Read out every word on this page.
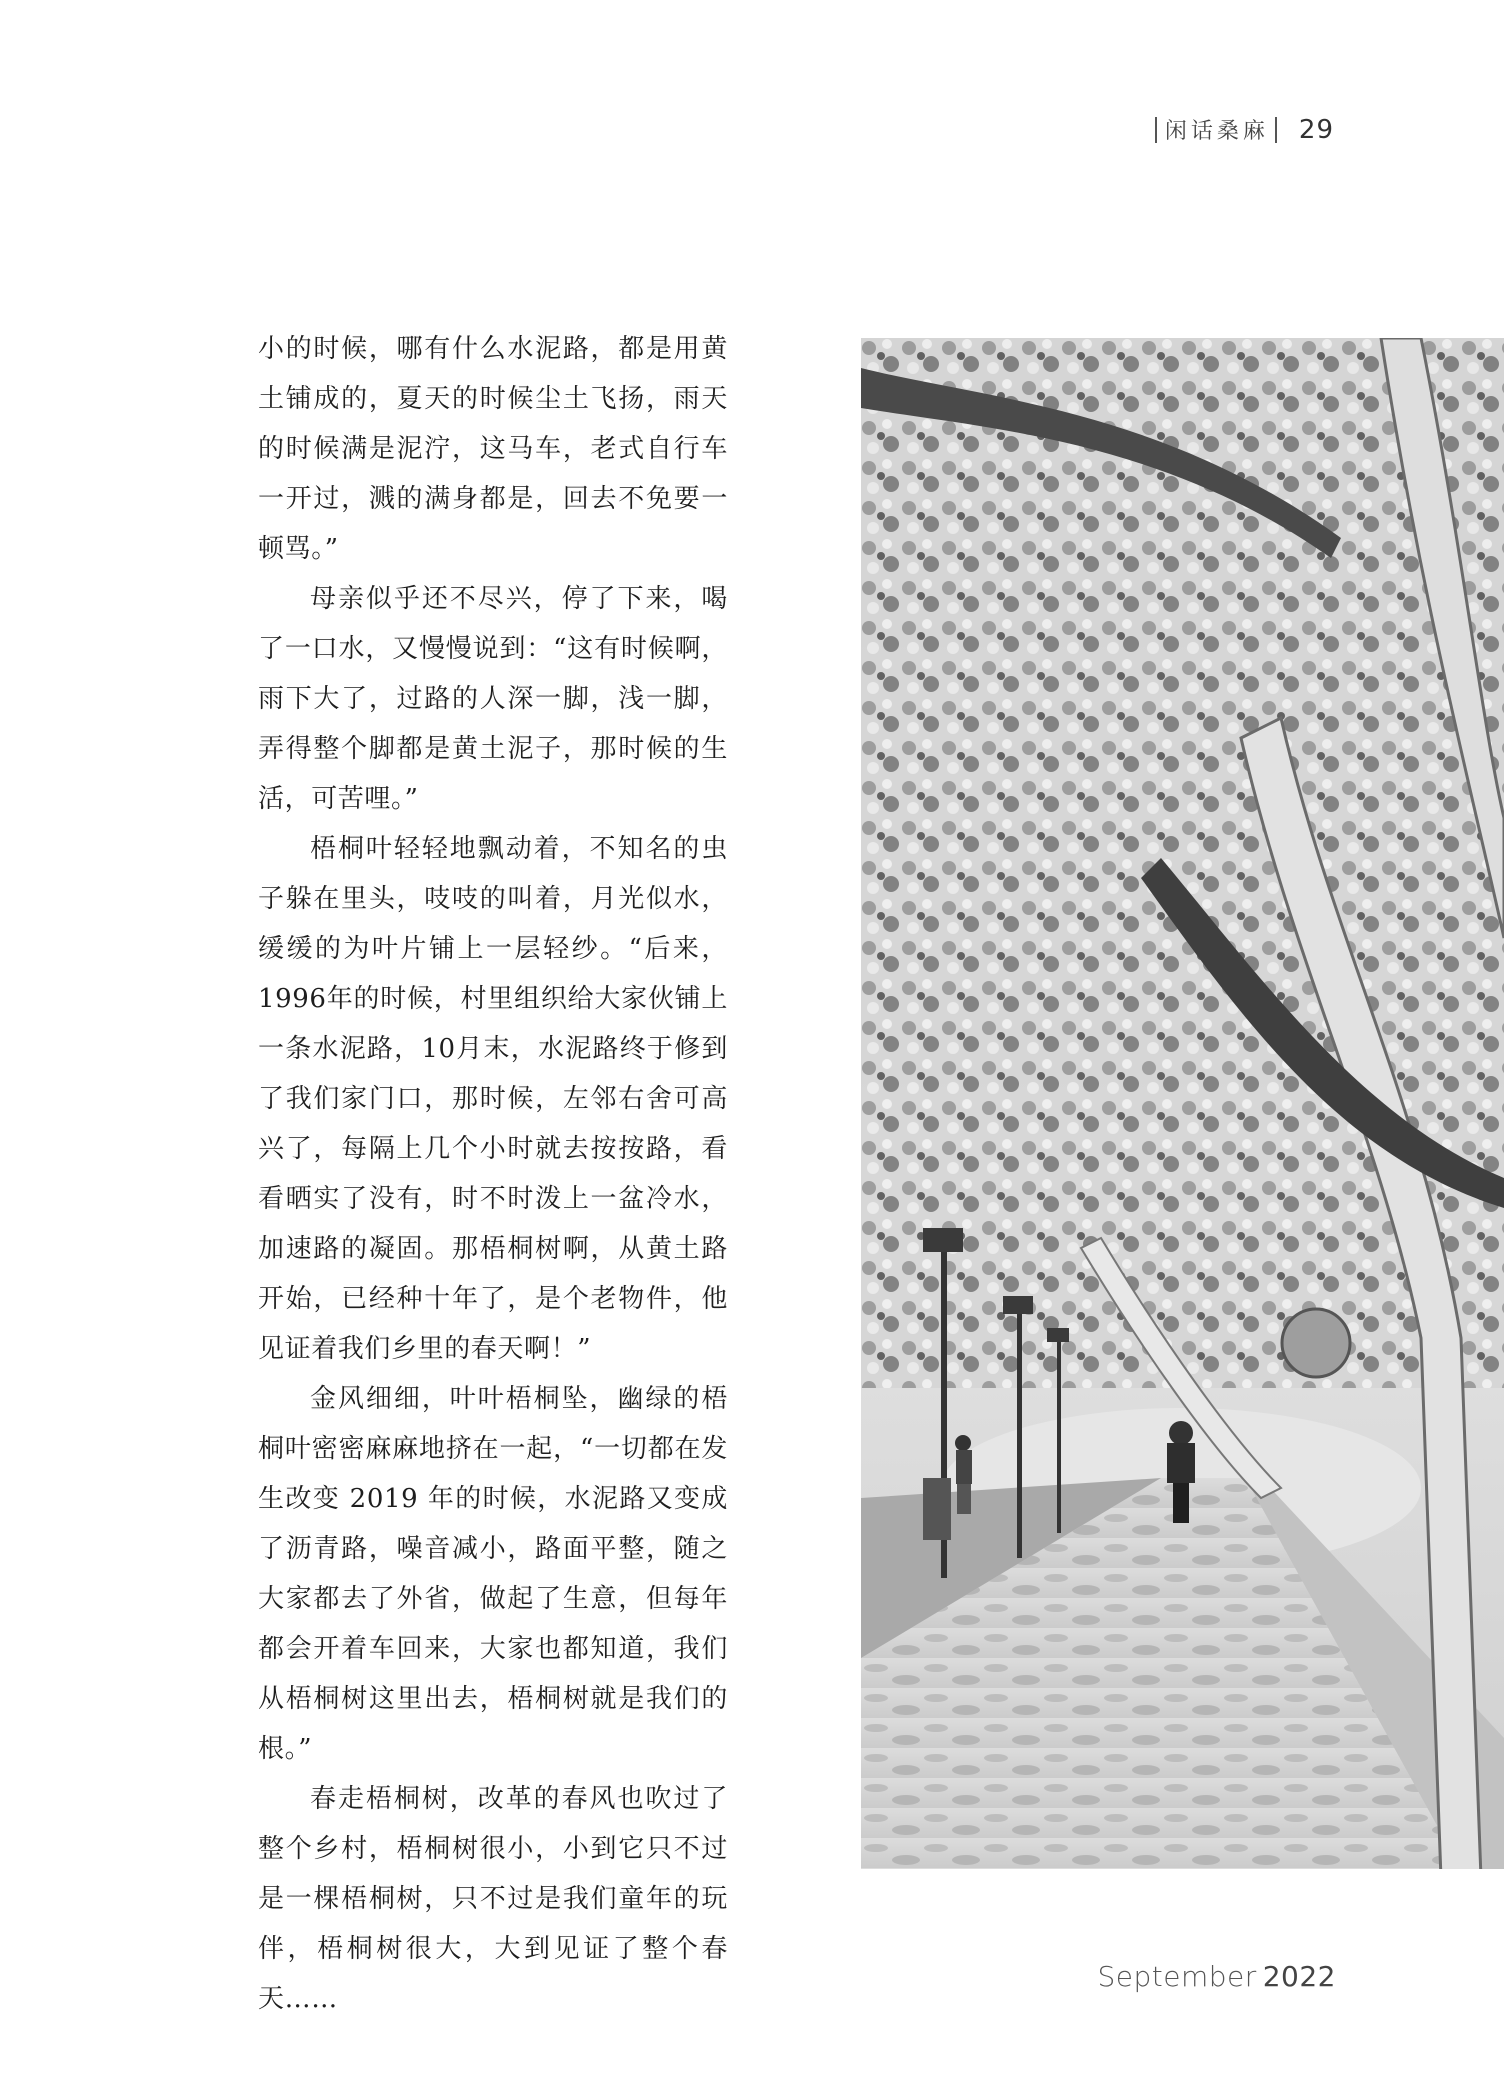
闲话桑麻 29

小的时候，哪有什么水泥路，都是用黄土铺成的，夏天的时候尘土飞扬，雨天的时候满是泥泞，这马车，老式自行车一开过，溅的满身都是，回去不免要一顿骂。”

母亲似乎还不尽兴，停了下来，喝了一口水，又慢慢说到：“这有时候啊，雨下大了，过路的人深一脚，浅一脚，弄得整个脚都是黄土泥子，那时候的生活，可苦哩。”

梧桐叶轻轻地飘动着，不知名的虫子躲在里头，吱吱的叫着，月光似水，缓缓的为叶片铺上一层轻纱。“后来，1996年的时候，村里组织给大家伙铺上一条水泥路，10月末，水泥路终于修到了我们家门口，那时候，左邻右舍可高兴了，每隔上几个小时就去按按路，看看晒实了没有，时不时泼上一盆冷水，加速路的凝固。那梧桐树啊，从黄土路开始，已经种十年了，是个老物件，他见证着我们乡里的春天啊！”

金风细细，叶叶梧桐坠，幽绿的梧桐叶密密麻麻地挤在一起，“一切都在发生改变 2019 年的时候，水泥路又变成了沥青路，噪音减小，路面平整，随之大家都去了外省，做起了生意，但每年都会开着车回来，大家也都知道，我们从梧桐树这里出去，梧桐树就是我们的根。”

春走梧桐树，改革的春风也吹过了整个乡村，梧桐树很小，小到它只不过是一棵梧桐树，只不过是我们童年的玩伴，梧桐树很大，大到见证了整个春天……

September 2022
